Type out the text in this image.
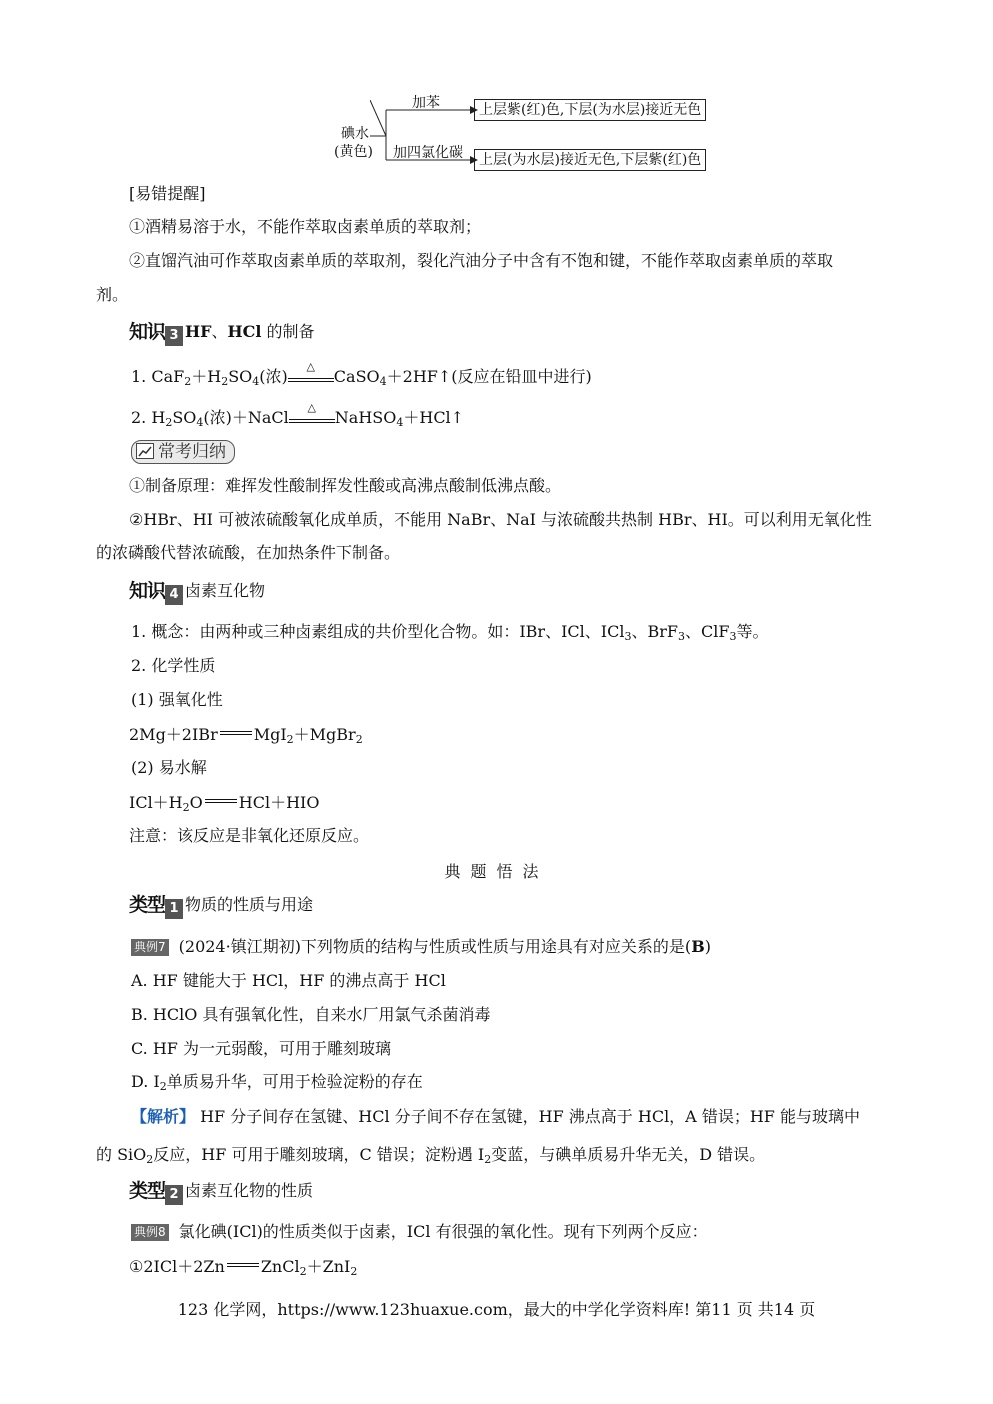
碘水
(黄色)
加苯	上层紫(红)色,下层(为水层)接近无色
加四氯化碳	上层(为水层)接近无色,下层紫(红)色
[易错提醒]
①酒精易溶于水，不能作萃取卤素单质的萃取剂；
②直馏汽油可作萃取卤素单质的萃取剂，裂化汽油分子中含有不饱和键，不能作萃取卤素单质的萃取
剂。
知识 3 HF、HCl 的制备
1. $CaF_2+H_2SO_4$(浓)
△
CaSO$_4$＋2HF↑(反应在铅皿中进行)
2. $H_2SO_4$(浓)＋NaCl
△
NaHSO$_4$＋HCl↑
常考归纳
①制备原理：难挥发性酸制挥发性酸或高沸点酸制低沸点酸。
②HBr、HI 可被浓硫酸氧化成单质，不能用 NaBr、NaI 与浓硫酸共热制 HBr、HI。可以利用无氧化性
的浓磷酸代替浓硫酸，在加热条件下制备。
知识 4 卤素互化物
1. 概念：由两种或三种卤素组成的共价型化合物。如：IBr、ICl、ICl$_3$、BrF$_3$、ClF$_3$等。
2. 化学性质
(1) 强氧化性
2Mg＋2IBr MgI$_2$＋MgBr$_2$
(2) 易水解
$ICl+H_2O$ HCl＋HIO
注意：该反应是非氧化还原反应。
典题悟法
类型 1 物质的性质与用途
典例7 (2024·镇江期初)下列物质的结构与性质或性质与用途具有对应关系的是(B)
A. HF 键能大于 HCl，HF 的沸点高于 HCl
B. HClO 具有强氧化性，自来水厂用氯气杀菌消毒
C. HF 为一元弱酸，可用于雕刻玻璃
D. $I_2$单质易升华，可用于检验淀粉的存在
【解析】 HF 分子间存在氢键、HCl 分子间不存在氢键，HF 沸点高于 HCl，A 错误；HF 能与玻璃中
的 SiO$_2$反应，HF 可用于雕刻玻璃，C 错误；淀粉遇 $I_2$变蓝，与碘单质易升华无关，D 错误。
类型 2 卤素互化物的性质
典例8 氯化碘(ICl)的性质类似于卤素，ICl 有很强的氧化性。现有下列两个反应：
①2ICl＋2Zn ZnCl$_2$＋ZnI$_2$
123 化学网，https://www.123huaxue.com，最大的中学化学资料库! 第11 页 共14 页
